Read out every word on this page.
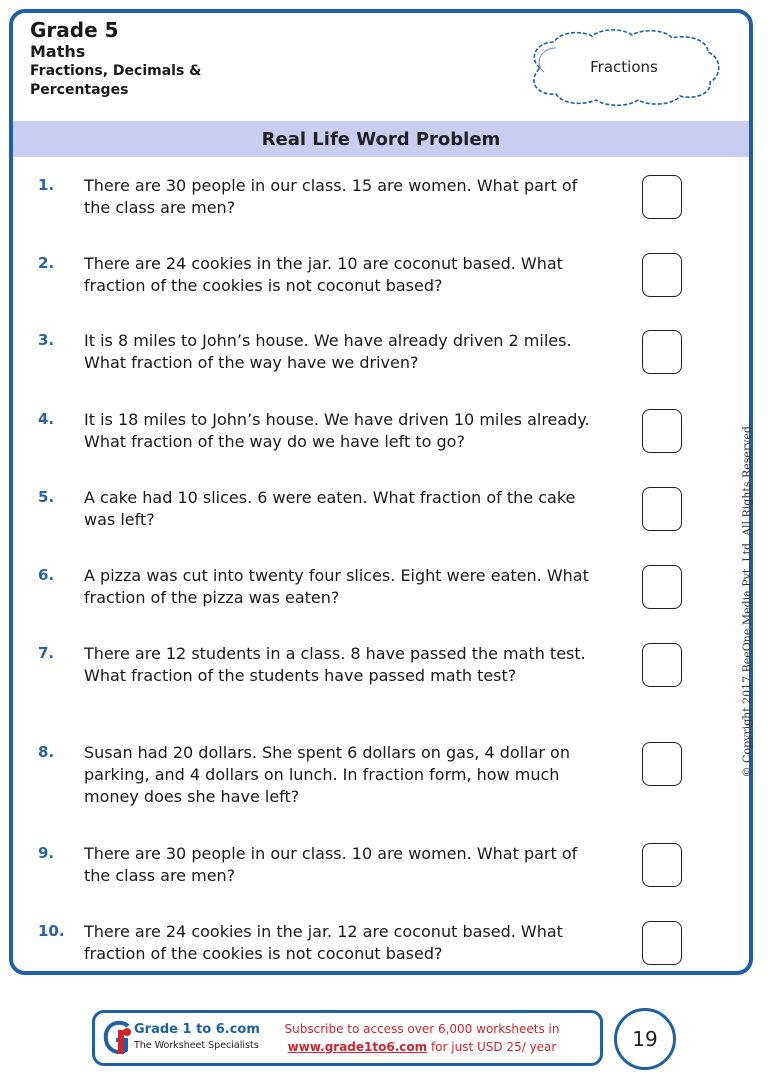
Grade 5
Maths
Fractions, Decimals &
Percentages
Fractions
Real Life Word Problem
1. There are 30 people in our class. 15 are women. What part of the class are men?
2. There are 24 cookies in the jar. 10 are coconut based. What fraction of the cookies is not coconut based?
3. It is 8 miles to John’s house. We have already driven 2 miles. What fraction of the way have we driven?
4. It is 18 miles to John’s house. We have driven 10 miles already. What fraction of the way do we have left to go?
5. A cake had 10 slices. 6 were eaten. What fraction of the cake was left?
6. A pizza was cut into twenty four slices. Eight were eaten. What fraction of the pizza was eaten?
7. There are 12 students in a class. 8 have passed the math test. What fraction of the students have passed math test?
8. Susan had 20 dollars. She spent 6 dollars on gas, 4 dollar on parking, and 4 dollars on lunch. In fraction form, how much money does she have left?
9. There are 30 people in our class. 10 are women. What part of the class are men?
10. There are 24 cookies in the jar. 12 are coconut based. What fraction of the cookies is not coconut based?
© Copyright 2017 BeeOne Media Pvt. Ltd. All Rights Reserved.
Grade 1 to 6.com
The Worksheet Specialists
Subscribe to access over 6,000 worksheets in
www.grade1to6.com for just USD 25/ year	19
